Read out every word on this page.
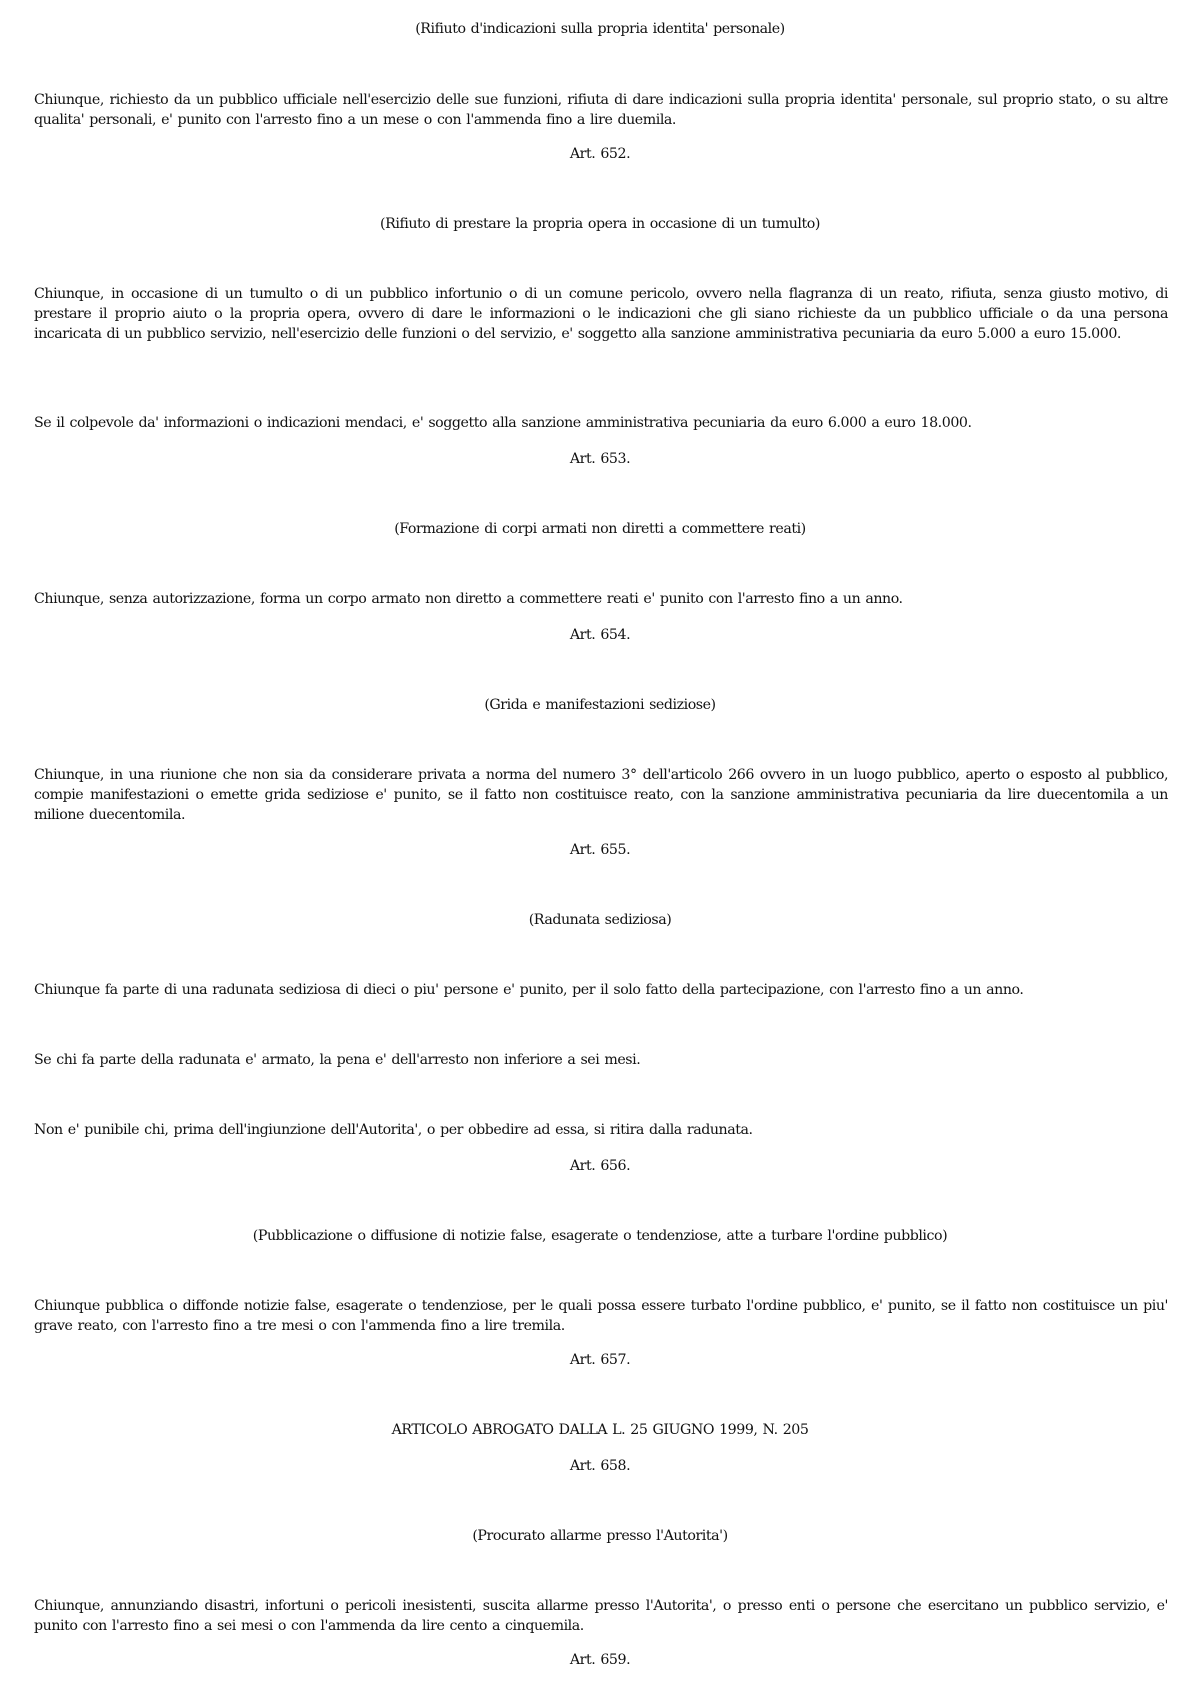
(Rifiuto d'indicazioni sulla propria identita' personale)
Chiunque, richiesto da un pubblico ufficiale nell'esercizio delle sue funzioni, rifiuta di dare indicazioni sulla propria identita' personale, sul proprio stato, o su altre qualita' personali, e' punito con l'arresto fino a un mese o con l'ammenda fino a lire duemila.
Art. 652.
(Rifiuto di prestare la propria opera in occasione di un tumulto)
Chiunque, in occasione di un tumulto o di un pubblico infortunio o di un comune pericolo, ovvero nella flagranza di un reato, rifiuta, senza giusto motivo, di prestare il proprio aiuto o la propria opera, ovvero di dare le informazioni o le indicazioni che gli siano richieste da un pubblico ufficiale o da una persona incaricata di un pubblico servizio, nell'esercizio delle funzioni o del servizio, e' soggetto alla sanzione amministrativa pecuniaria da euro 5.000 a euro 15.000.
Se il colpevole da' informazioni o indicazioni mendaci, e' soggetto alla sanzione amministrativa pecuniaria da euro 6.000 a euro 18.000.
Art. 653.
(Formazione di corpi armati non diretti a commettere reati)
Chiunque, senza autorizzazione, forma un corpo armato non diretto a commettere reati e' punito con l'arresto fino a un anno.
Art. 654.
(Grida e manifestazioni sediziose)
Chiunque, in una riunione che non sia da considerare privata a norma del numero 3° dell'articolo 266 ovvero in un luogo pubblico, aperto o esposto al pubblico, compie manifestazioni o emette grida sediziose e' punito, se il fatto non costituisce reato, con la sanzione amministrativa pecuniaria da lire duecentomila a un milione duecentomila.
Art. 655.
(Radunata sediziosa)
Chiunque fa parte di una radunata sediziosa di dieci o piu' persone e' punito, per il solo fatto della partecipazione, con l'arresto fino a un anno.
Se chi fa parte della radunata e' armato, la pena e' dell'arresto non inferiore a sei mesi.
Non e' punibile chi, prima dell'ingiunzione dell'Autorita', o per obbedire ad essa, si ritira dalla radunata.
Art. 656.
(Pubblicazione o diffusione di notizie false, esagerate o tendenziose, atte a turbare l'ordine pubblico)
Chiunque pubblica o diffonde notizie false, esagerate o tendenziose, per le quali possa essere turbato l'ordine pubblico, e' punito, se il fatto non costituisce un piu' grave reato, con l'arresto fino a tre mesi o con l'ammenda fino a lire tremila.
Art. 657.
ARTICOLO ABROGATO DALLA L. 25 GIUGNO 1999, N. 205
Art. 658.
(Procurato allarme presso l'Autorita')
Chiunque, annunziando disastri, infortuni o pericoli inesistenti, suscita allarme presso l'Autorita', o presso enti o persone che esercitano un pubblico servizio, e' punito con l'arresto fino a sei mesi o con l'ammenda da lire cento a cinquemila.
Art. 659.
